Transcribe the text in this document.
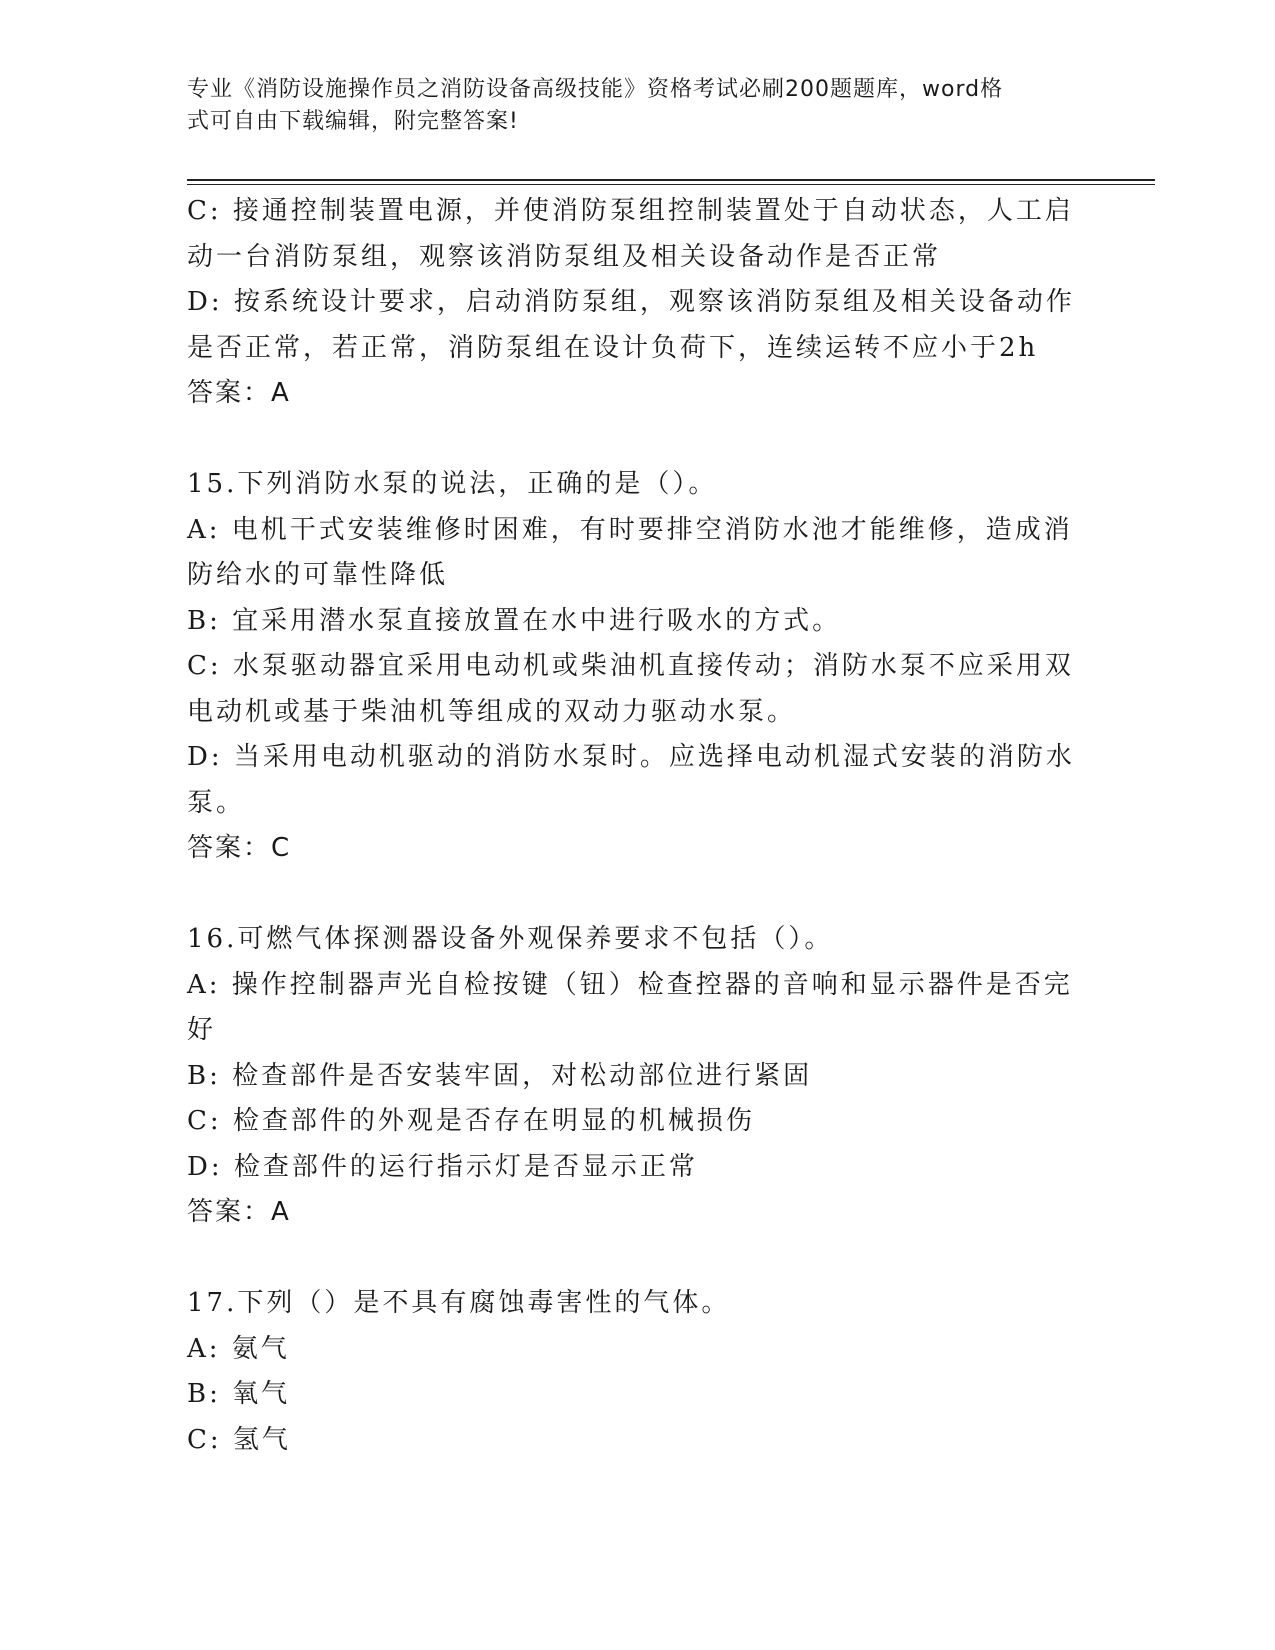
专业《消防设施操作员之消防设备高级技能》资格考试必刷200题题库，word格
式可自由下载编辑，附完整答案!
C: 接通控制装置电源，并使消防泵组控制装置处于自动状态，人工启
动一台消防泵组，观察该消防泵组及相关设备动作是否正常
D: 按系统设计要求，启动消防泵组，观察该消防泵组及相关设备动作
是否正常，若正常，消防泵组在设计负荷下，连续运转不应小于2h
答案：A
15.下列消防水泵的说法，正确的是（）。
A: 电机干式安装维修时困难，有时要排空消防水池才能维修，造成消
防给水的可靠性降低
B: 宜采用潜水泵直接放置在水中进行吸水的方式。
C: 水泵驱动器宜采用电动机或柴油机直接传动；消防水泵不应采用双
电动机或基于柴油机等组成的双动力驱动水泵。
D: 当采用电动机驱动的消防水泵时。应选择电动机湿式安装的消防水
泵。
答案：C
16.可燃气体探测器设备外观保养要求不包括（）。
A: 操作控制器声光自检按键（钮）检查控器的音响和显示器件是否完
好
B: 检查部件是否安装牢固，对松动部位进行紧固
C: 检查部件的外观是否存在明显的机械损伤
D: 检查部件的运行指示灯是否显示正常
答案：A
17.下列（）是不具有腐蚀毒害性的气体。
A: 氨气
B: 氧气
C: 氢气
